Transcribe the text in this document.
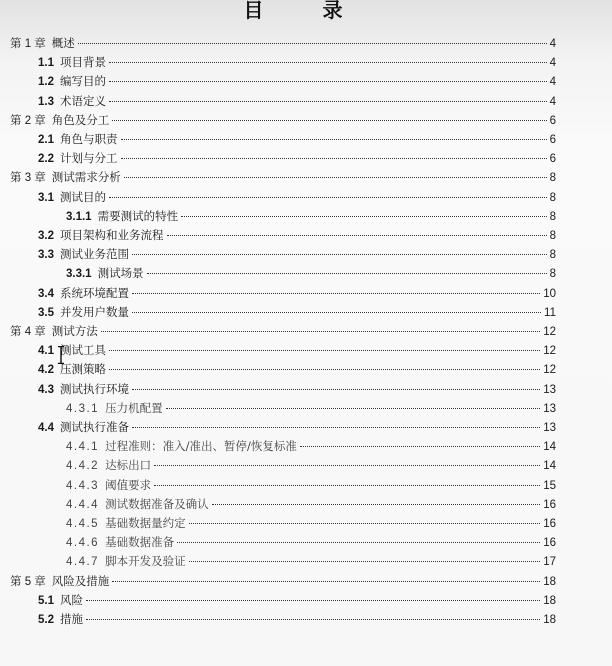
目 录
第 1 章 概述	4
1.1 项目背景	4
1.2 编写目的	4
1.3 术语定义	4
第 2 章 角色及分工	6
2.1 角色与职责	6
2.2 计划与分工	6
第 3 章 测试需求分析	8
3.1 测试目的	8
3.1.1 需要测试的特性	8
3.2 项目架构和业务流程	8
3.3 测试业务范围	8
3.3.1 测试场景	8
3.4 系统环境配置	10
3.5 并发用户数量	11
第 4 章 测试方法	12
4.1 测试工具	12
4.2 压测策略	12
4.3 测试执行环境	13
4.3.1 压力机配置	13
4.4 测试执行准备	13
4.4.1 过程准则：准入/准出、暂停/恢复标准	14
4.4.2 达标出口	14
4.4.3 阈值要求	15
4.4.4 测试数据准备及确认	16
4.4.5 基础数据量约定	16
4.4.6 基础数据准备	16
4.4.7 脚本开发及验证	17
第 5 章 风险及措施	18
5.1 风险	18
5.2 措施	18
